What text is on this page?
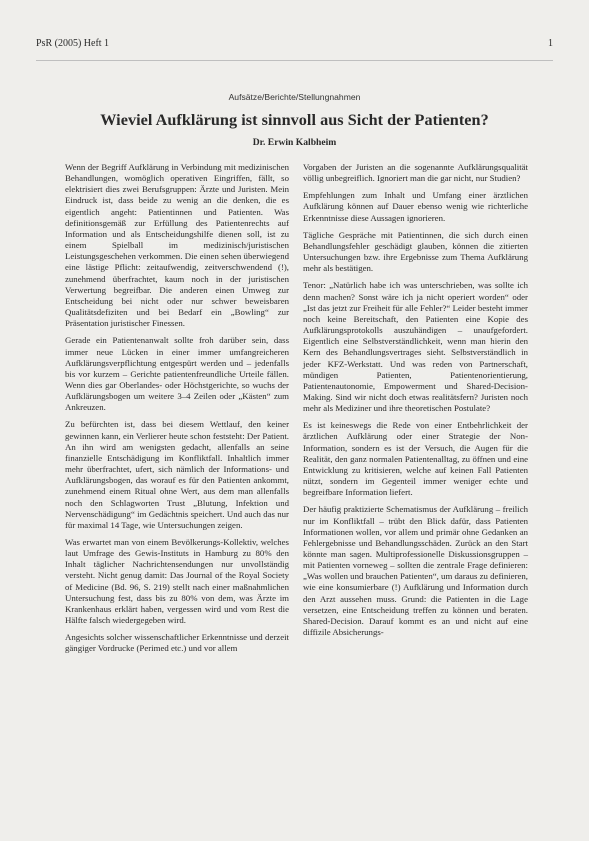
PsR (2005) Heft 1	1
Aufsätze/Berichte/Stellungnahmen
Wieviel Aufklärung ist sinnvoll aus Sicht der Patienten?
Dr. Erwin Kalbheim

Wenn der Begriff Aufklärung in Verbindung mit medizinischen Behandlungen, womöglich operativen Eingriffen, fällt, so elektrisiert dies zwei Berufsgruppen: Ärzte und Juristen. Mein Eindruck ist, dass beide zu wenig an die denken, die es eigentlich angeht: Patientinnen und Patienten. Was definitionsgemäß zur Erfüllung des Patientenrechts auf Information und als Entscheidungshilfe dienen soll, ist zu einem Spielball im medizinisch/juristischen Leistungsgeschehen verkommen. Die einen sehen überwiegend eine lästige Pflicht: zeitaufwendig, zeitverschwendend (!), zunehmend überfrachtet, kaum noch in der juristischen Verwertung begreifbar. Die anderen einen Umweg zur Entscheidung bei nicht oder nur schwer beweisbaren Qualitätsdefiziten und bei Bedarf ein „Bowling“ zur Präsentation juristischer Finessen.

Gerade ein Patientenanwalt sollte froh darüber sein, dass immer neue Lücken in einer immer umfangreicheren Aufklärungsverpflichtung entgespürt werden und – jedenfalls bis vor kurzem – Gerichte patientenfreundliche Urteile fällen. Wenn dies gar Oberlandes- oder Höchstgerichte, so wuchs der Aufklärungsbogen um weitere 3–4 Zeilen oder „Kästen“ zum Ankreuzen.

Zu befürchten ist, dass bei diesem Wettlauf, den keiner gewinnen kann, ein Verlierer heute schon feststeht: Der Patient. An ihn wird am wenigsten gedacht, allenfalls an seine finanzielle Entschädigung im Konfliktfall. Inhaltlich immer mehr überfrachtet, ufert, sich nämlich der Informations- und Aufklärungsbogen, das worauf es für den Patienten ankommt, zunehmend einem Ritual ohne Wert, aus dem man allenfalls noch den Schlagworten Trust „Blutung, Infektion und Nervenschädigung“ im Gedächtnis speichert. Und auch das nur für maximal 14 Tage, wie Untersuchungen zeigen.

Was erwartet man von einem Bevölkerungs-Kollektiv, welches laut Umfrage des Gewis-Instituts in Hamburg zu 80% den Inhalt täglicher Nachrichtensendungen nur unvollständig versteht. Nicht genug damit: Das Journal of the Royal Society of Medicine (Bd. 96, S. 219) stellt nach einer maßnahmlichen Untersuchung fest, dass bis zu 80% von dem, was Ärzte im Krankenhaus erklärt haben, vergessen wird und vom Rest die Hälfte falsch wiedergegeben wird.

Angesichts solcher wissenschaftlicher Erkenntnisse und derzeit gängiger Vordrucke (Perimed etc.) und vor allem

Vorgaben der Juristen an die sogenannte Aufklärungsqualität völlig unbegreiflich. Ignoriert man die gar nicht, nur Studien?

Empfehlungen zum Inhalt und Umfang einer ärztlichen Aufklärung können auf Dauer ebenso wenig wie richterliche Erkenntnisse diese Aussagen ignorieren.

Tägliche Gespräche mit Patientinnen, die sich durch einen Behandlungsfehler geschädigt glauben, können die zitierten Untersuchungen bzw. ihre Ergebnisse zum Thema Aufklärung mehr als bestätigen.

Tenor: „Natürlich habe ich was unterschrieben, was sollte ich denn machen? Sonst wäre ich ja nicht operiert worden“ oder „Ist das jetzt zur Freiheit für alle Fehler?“ Leider besteht immer noch keine Bereitschaft, den Patienten eine Kopie des Aufklärungsprotokolls auszuhändigen – unaufgefordert. Eigentlich eine Selbstverständlichkeit, wenn man hierin den Kern des Behandlungsvertrages sieht. Selbstverständlich in jeder KFZ-Werkstatt. Und was reden von Partnerschaft, mündigen Patienten, Patientenorientierung, Patientenautonomie, Empowerment und Shared-Decision-Making. Sind wir nicht doch etwas realitätsfern? Juristen noch mehr als Mediziner und ihre theoretischen Postulate?

Es ist keineswegs die Rede von einer Entbehrlichkeit der ärztlichen Aufklärung oder einer Strategie der Non-Information, sondern es ist der Versuch, die Augen für die Realität, den ganz normalen Patientenalltag, zu öffnen und eine Entwicklung zu kritisieren, welche auf keinen Fall Patienten nützt, sondern im Gegenteil immer weniger echte und begreifbare Information liefert.

Der häufig praktizierte Schematismus der Aufklärung – freilich nur im Konfliktfall – trübt den Blick dafür, dass Patienten Informationen wollen, vor allem und primär ohne Gedanken an Fehlergebnisse und Behandlungsschäden. Zurück an den Start könnte man sagen. Multiprofessionelle Diskussionsgruppen – mit Patienten vorneweg – sollten die zentrale Frage definieren: „Was wollen und brauchen Patienten“, um daraus zu definieren, wie eine konsumierbare (!) Aufklärung und Information durch den Arzt aussehen muss. Grund: die Patienten in die Lage versetzen, eine Entscheidung treffen zu können und beraten. Shared-Decision. Darauf kommt es an und nicht auf eine diffizile Absicherungs-
